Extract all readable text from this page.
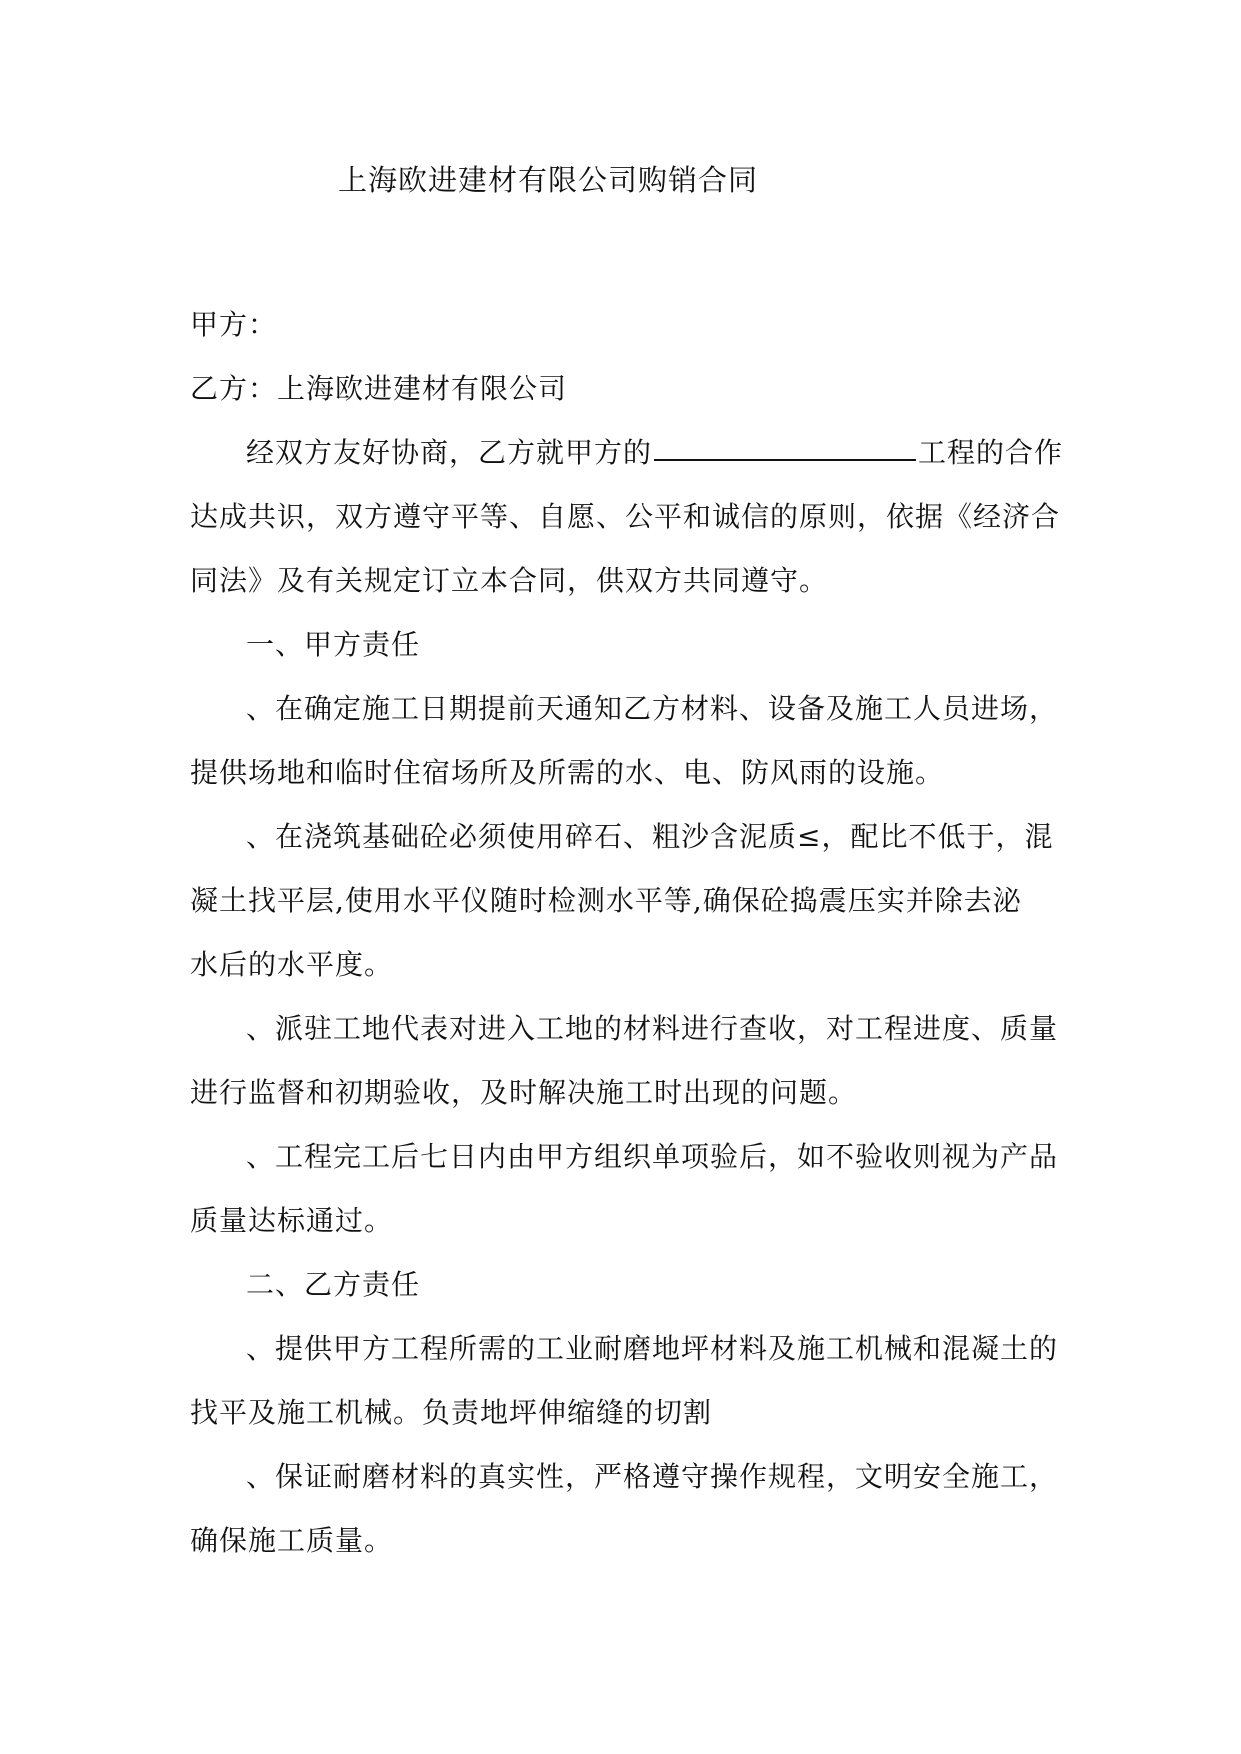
上海欧进建材有限公司购销合同
甲方：
乙方：上海欧进建材有限公司
经双方友好协商，乙方就甲方的	工程的合作
达成共识，双方遵守平等、自愿、公平和诚信的原则，依据《经济合
同法》及有关规定订立本合同，供双方共同遵守。
一、甲方责任
、在确定施工日期提前天通知乙方材料、设备及施工人员进场，
提供场地和临时住宿场所及所需的水、电、防风雨的设施。
、在浇筑基础砼必须使用碎石、粗沙含泥质≤，配比不低于，混
凝土找平层,使用水平仪随时检测水平等,确保砼捣震压实并除去泌
水后的水平度。
、派驻工地代表对进入工地的材料进行查收，对工程进度、质量
进行监督和初期验收，及时解决施工时出现的问题。
、工程完工后七日内由甲方组织单项验后，如不验收则视为产品
质量达标通过。
二、乙方责任
、提供甲方工程所需的工业耐磨地坪材料及施工机械和混凝土的
找平及施工机械。负责地坪伸缩缝的切割
、保证耐磨材料的真实性，严格遵守操作规程，文明安全施工，
确保施工质量。
